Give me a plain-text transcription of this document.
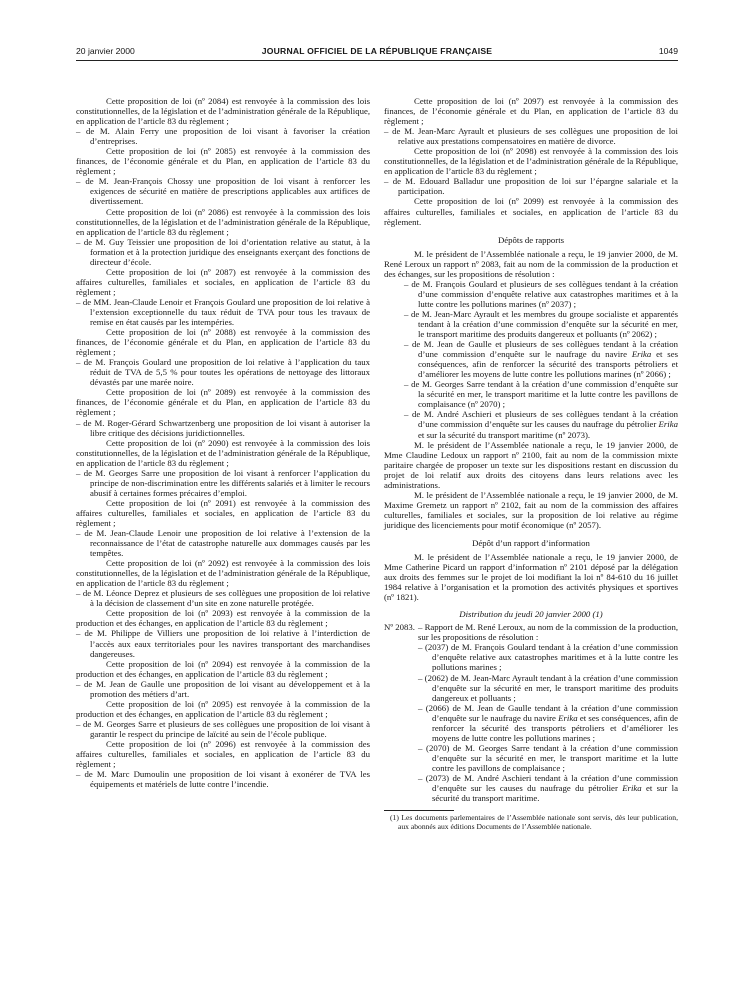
20 janvier 2000	JOURNAL OFFICIEL DE LA RÉPUBLIQUE FRANÇAISE	1049

Cette proposition de loi (nº 2084) est renvoyée à la commission des lois constitutionnelles, de la législation et de l’administration générale de la République, en application de l’article 83 du règlement ;

– de M. Alain Ferry une proposition de loi visant à favoriser la création d’entreprises.

Cette proposition de loi (nº 2085) est renvoyée à la commission des finances, de l’économie générale et du Plan, en application de l’article 83 du règlement ;

– de M. Jean-François Chossy une proposition de loi visant à renforcer les exigences de sécurité en matière de prescriptions applicables aux artifices de divertissement.

Cette proposition de loi (nº 2086) est renvoyée à la commission des lois constitutionnelles, de la législation et de l’administration générale de la République, en application de l’article 83 du règlement ;

– de M. Guy Teissier une proposition de loi d’orientation relative au statut, à la formation et à la protection juridique des enseignants exerçant des fonctions de directeur d’école.

Cette proposition de loi (nº 2087) est renvoyée à la commission des affaires culturelles, familiales et sociales, en application de l’article 83 du règlement ;

– de MM. Jean-Claude Lenoir et François Goulard une proposition de loi relative à l’extension exceptionnelle du taux réduit de TVA pour tous les travaux de remise en état causés par les intempéries.

Cette proposition de loi (nº 2088) est renvoyée à la commission des finances, de l’économie générale et du Plan, en application de l’article 83 du règlement ;

– de M. François Goulard une proposition de loi relative à l’application du taux réduit de TVA de 5,5 % pour toutes les opérations de nettoyage des littoraux dévastés par une marée noire.

Cette proposition de loi (nº 2089) est renvoyée à la commission des finances, de l’économie générale et du Plan, en application de l’article 83 du règlement ;

– de M. Roger-Gérard Schwartzenberg une proposition de loi visant à autoriser la libre critique des décisions juridictionnelles.

Cette proposition de loi (nº 2090) est renvoyée à la commission des lois constitutionnelles, de la législation et de l’administration générale de la République, en application de l’article 83 du règlement ;

– de M. Georges Sarre une proposition de loi visant à renforcer l’application du principe de non-discrimination entre les différents salariés et à limiter le recours abusif à certaines formes précaires d’emploi.

Cette proposition de loi (nº 2091) est renvoyée à la commission des affaires culturelles, familiales et sociales, en application de l’article 83 du règlement ;

– de M. Jean-Claude Lenoir une proposition de loi relative à l’extension de la reconnaissance de l’état de catastrophe naturelle aux dommages causés par les tempêtes.

Cette proposition de loi (nº 2092) est renvoyée à la commission des lois constitutionnelles, de la législation et de l’administration générale de la République, en application de l’article 83 du règlement ;

– de M. Léonce Deprez et plusieurs de ses collègues une proposition de loi relative à la décision de classement d’un site en zone naturelle protégée.

Cette proposition de loi (nº 2093) est renvoyée à la commission de la production et des échanges, en application de l’article 83 du règlement ;

– de M. Philippe de Villiers une proposition de loi relative à l’interdiction de l’accès aux eaux territoriales pour les navires transportant des marchandises dangereuses.

Cette proposition de loi (nº 2094) est renvoyée à la commission de la production et des échanges, en application de l’article 83 du règlement ;

– de M. Jean de Gaulle une proposition de loi visant au développement et à la promotion des métiers d’art.

Cette proposition de loi (nº 2095) est renvoyée à la commission de la production et des échanges, en application de l’article 83 du règlement ;

– de M. Georges Sarre et plusieurs de ses collègues une proposition de loi visant à garantir le respect du principe de laïcité au sein de l’école publique.

Cette proposition de loi (nº 2096) est renvoyée à la commission des affaires culturelles, familiales et sociales, en application de l’article 83 du règlement ;

– de M. Marc Dumoulin une proposition de loi visant à exonérer de TVA les équipements et matériels de lutte contre l’incendie.

Cette proposition de loi (nº 2097) est renvoyée à la commission des finances, de l’économie générale et du Plan, en application de l’article 83 du règlement ;

– de M. Jean-Marc Ayrault et plusieurs de ses collègues une proposition de loi relative aux prestations compensatoires en matière de divorce.

Cette proposition de loi (nº 2098) est renvoyée à la commission des lois constitutionnelles, de la législation et de l’administration générale de la République, en application de l’article 83 du règlement ;

– de M. Edouard Balladur une proposition de loi sur l’épargne salariale et la participation.

Cette proposition de loi (nº 2099) est renvoyée à la commission des affaires culturelles, familiales et sociales, en application de l’article 83 du règlement.

Dépôts de rapports

M. le président de l’Assemblée nationale a reçu, le 19 janvier 2000, de M. René Leroux un rapport nº 2083, fait au nom de la commission de la production et des échanges, sur les propositions de résolution :

– de M. François Goulard et plusieurs de ses collègues tendant à la création d’une commission d’enquête relative aux catastrophes maritimes et à la lutte contre les pollutions marines (nº 2037) ;

– de M. Jean-Marc Ayrault et les membres du groupe socialiste et apparentés tendant à la création d’une commission d’enquête sur la sécurité en mer, le transport maritime des produits dangereux et polluants (nº 2062) ;

– de M. Jean de Gaulle et plusieurs de ses collègues tendant à la création d’une commission d’enquête sur le naufrage du navire Erika et ses conséquences, afin de renforcer la sécurité des transports pétroliers et d’améliorer les moyens de lutte contre les pollutions marines (nº 2066) ;

– de M. Georges Sarre tendant à la création d’une commission d’enquête sur la sécurité en mer, le transport maritime et la lutte contre les pavillons de complaisance (nº 2070) ;

– de M. André Aschieri et plusieurs de ses collègues tendant à la création d’une commission d’enquête sur les causes du naufrage du pétrolier Erika et sur la sécurité du transport maritime (nº 2073).

M. le président de l’Assemblée nationale a reçu, le 19 janvier 2000, de Mme Claudine Ledoux un rapport nº 2100, fait au nom de la commission mixte paritaire chargée de proposer un texte sur les dispositions restant en discussion du projet de loi relatif aux droits des citoyens dans leurs relations avec les administrations.

M. le président de l’Assemblée nationale a reçu, le 19 janvier 2000, de M. Maxime Gremetz un rapport nº 2102, fait au nom de la commission des affaires culturelles, familiales et sociales, sur la proposition de loi relative au régime juridique des licenciements pour motif économique (nº 2057).

Dépôt d’un rapport d’information

M. le président de l’Assemblée nationale a reçu, le 19 janvier 2000, de Mme Catherine Picard un rapport d’information nº 2101 déposé par la délégation aux droits des femmes sur le projet de loi modifiant la loi nº 84-610 du 16 juillet 1984 relative à l’organisation et la promotion des activités physiques et sportives (nº 1821).

Distribution du jeudi 20 janvier 2000 (1)

Nº 2083. – Rapport de M. René Leroux, au nom de la commission de la production, sur les propositions de résolution :

– (2037) de M. François Goulard tendant à la création d’une commission d’enquête relative aux catastrophes maritimes et à la lutte contre les pollutions marines ;

– (2062) de M. Jean-Marc Ayrault tendant à la création d’une commission d’enquête sur la sécurité en mer, le transport maritime des produits dangereux et polluants ;

– (2066) de M. Jean de Gaulle tendant à la création d’une commission d’enquête sur le naufrage du navire Erika et ses conséquences, afin de renforcer la sécurité des transports pétroliers et d’améliorer les moyens de lutte contre les pollutions marines ;

– (2070) de M. Georges Sarre tendant à la création d’une commission d’enquête sur la sécurité en mer, le transport maritime et la lutte contre les pavillons de complaisance ;

– (2073) de M. André Aschieri tendant à la création d’une commission d’enquête sur les causes du naufrage du pétrolier Erika et sur la sécurité du transport maritime.

(1) Les documents parlementaires de l’Assemblée nationale sont servis, dès leur publication, aux abonnés aux éditions Documents de l’Assemblée nationale.
